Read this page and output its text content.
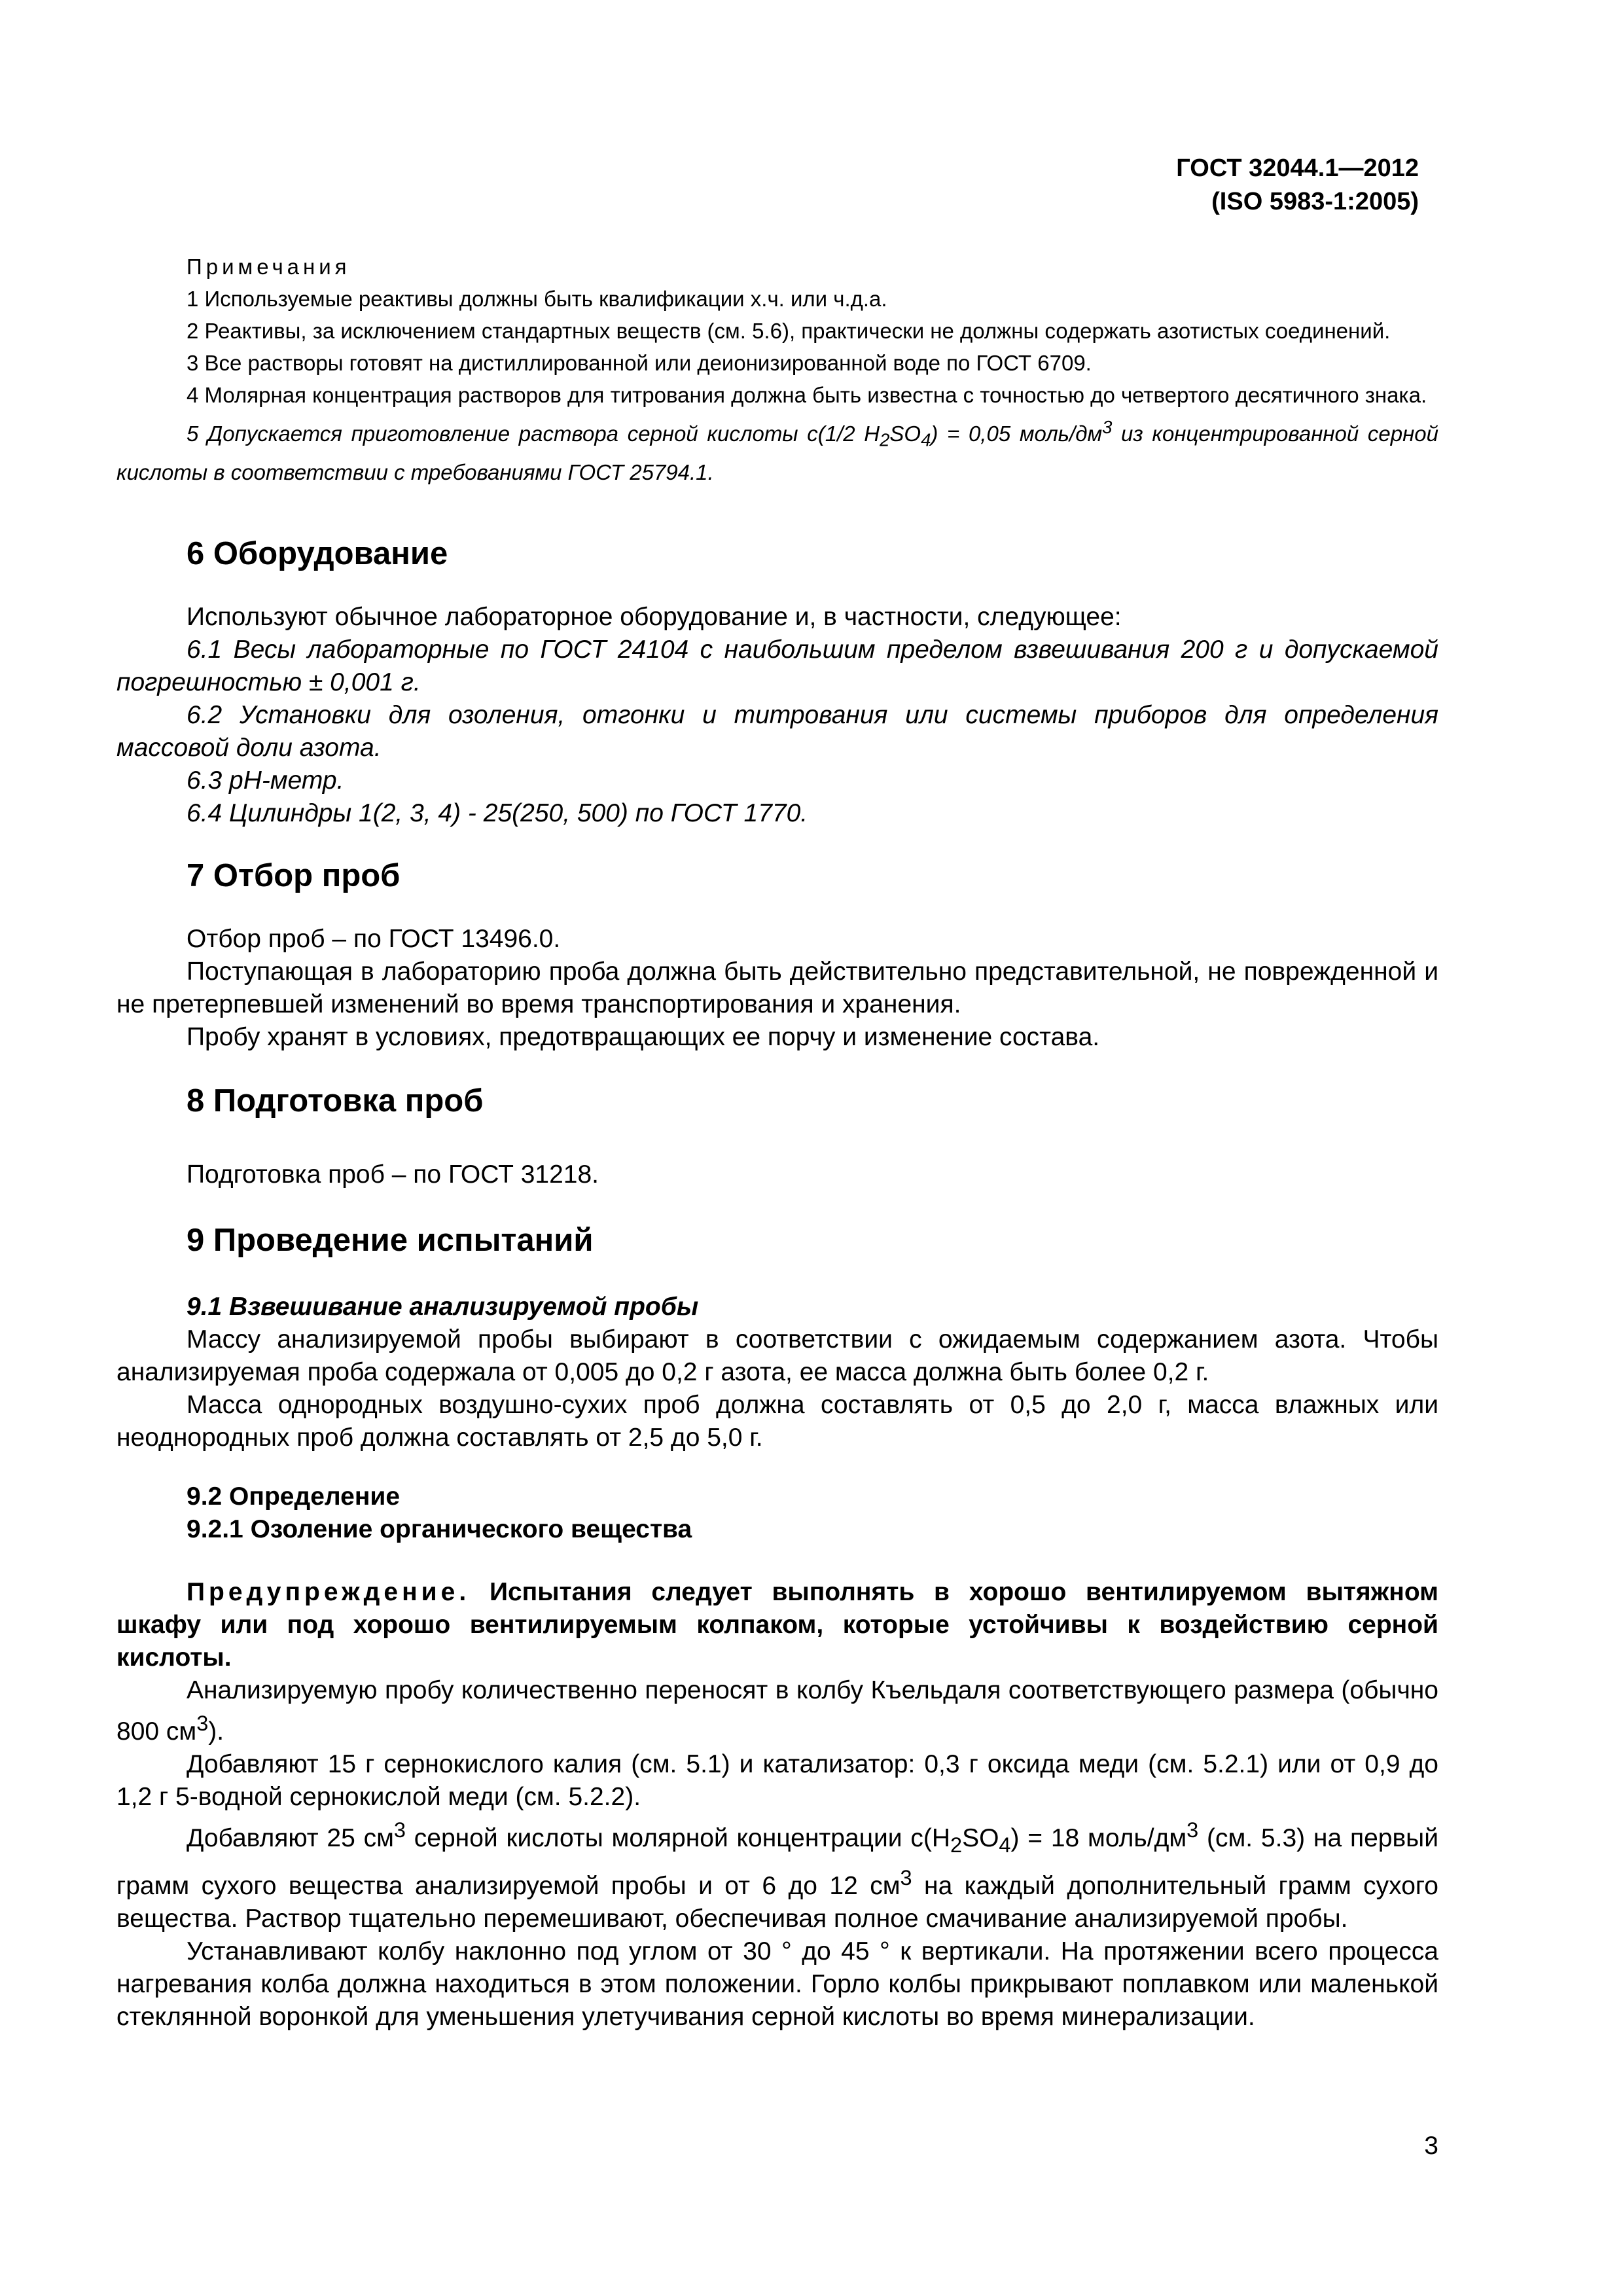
ГОСТ 32044.1—2012
(ISO 5983-1:2005)

Примечания

1 Используемые реактивы должны быть квалификации х.ч. или ч.д.а.

2 Реактивы, за исключением стандартных веществ (см. 5.6), практически не должны содержать азотистых соединений.

3 Все растворы готовят на дистиллированной или деионизированной воде по ГОСТ 6709.

4 Молярная концентрация растворов для титрования должна быть известна с точностью до четвертого десятичного знака.

5 Допускается приготовление раствора серной кислоты c(1/2 $H_2SO_4) = 0,05$ моль/$дм^3$ из концентрированной серной кислоты в соответствии с требованиями ГОСТ 25794.1.

6 Оборудование

Используют обычное лабораторное оборудование и, в частности, следующее:

6.1 Весы лабораторные по ГОСТ 24104 с наибольшим пределом взвешивания 200 г и допускаемой погрешностью ± 0,001 г.

6.2 Установки для озоления, отгонки и титрования или системы приборов для определения массовой доли азота.

6.3 pH-метр.

6.4 Цилиндры 1(2, 3, 4) - 25(250, 500) по ГОСТ 1770.

7 Отбор проб

Отбор проб – по ГОСТ 13496.0.

Поступающая в лабораторию проба должна быть действительно представительной, не поврежденной и не претерпевшей изменений во время транспортирования и хранения.

Пробу хранят в условиях, предотвращающих ее порчу и изменение состава.

8 Подготовка проб

Подготовка проб – по ГОСТ 31218.

9 Проведение испытаний

9.1 Взвешивание анализируемой пробы

Массу анализируемой пробы выбирают в соответствии с ожидаемым содержанием азота. Чтобы анализируемая проба содержала от 0,005 до 0,2 г азота, ее масса должна быть более 0,2 г.

Масса однородных воздушно-сухих проб должна составлять от 0,5 до 2,0 г, масса влажных или неоднородных проб должна составлять от 2,5 до 5,0 г.

9.2 Определение

9.2.1 Озоление органического вещества

Предупреждение. Испытания следует выполнять в хорошо вентилируемом вытяжном шкафу или под хорошо вентилируемым колпаком, которые устойчивы к воздействию серной кислоты.

Анализируемую пробу количественно переносят в колбу Къельдаля соответствующего размера (обычно 800 $см^3$).

Добавляют 15 г сернокислого калия (см. 5.1) и катализатор: 0,3 г оксида меди (см. 5.2.1) или от 0,9 до 1,2 г 5-водной сернокислой меди (см. 5.2.2).

Добавляют 25 $см^3$ серной кислоты молярной концентрации $c(H_2SO_4) = 18$ моль/$дм^3$ (см. 5.3) на первый грамм сухого вещества анализируемой пробы и от 6 до 12 $см^3$ на каждый дополнительный грамм сухого вещества. Раствор тщательно перемешивают, обеспечивая полное смачивание анализируемой пробы.

Устанавливают колбу наклонно под углом от 30 ° до 45 ° к вертикали. На протяжении всего процесса нагревания колба должна находиться в этом положении. Горло колбы прикрывают поплавком или маленькой стеклянной воронкой для уменьшения улетучивания серной кислоты во время минерализации.

3
